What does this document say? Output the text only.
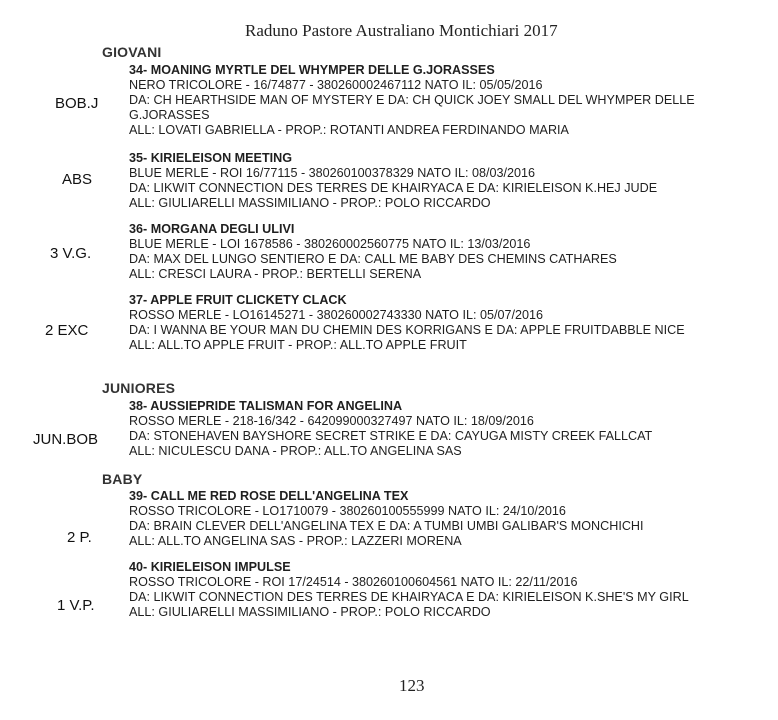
Raduno Pastore Australiano Montichiari 2017
GIOVANI
BOB.J
34- MOANING MYRTLE DEL WHYMPER DELLE G.JORASSES
NERO TRICOLORE - 16/74877 - 380260002467112 NATO IL: 05/05/2016
DA: CH HEARTHSIDE MAN OF MYSTERY E DA: CH QUICK JOEY SMALL DEL WHYMPER DELLE G.JORASSES
ALL: LOVATI GABRIELLA - PROP.: ROTANTI ANDREA FERDINANDO MARIA
ABS
35- KIRIELEISON MEETING
BLUE MERLE - ROI 16/77115 - 380260100378329 NATO IL: 08/03/2016
DA: LIKWIT CONNECTION DES TERRES DE KHAIRYACA E DA: KIRIELEISON K.HEJ JUDE
ALL: GIULIARELLI MASSIMILIANO - PROP.: POLO RICCARDO
3 V.G.
36- MORGANA DEGLI ULIVI
BLUE MERLE - LOI 1678586 - 380260002560775 NATO IL: 13/03/2016
DA: MAX DEL LUNGO SENTIERO E DA: CALL ME BABY DES CHEMINS CATHARES
ALL: CRESCI LAURA - PROP.: BERTELLI SERENA
2 EXC
37- APPLE FRUIT CLICKETY CLACK
ROSSO MERLE - LO16145271 - 380260002743330 NATO IL: 05/07/2016
DA: I WANNA BE YOUR MAN DU CHEMIN DES KORRIGANS E DA: APPLE FRUITDABBLE NICE
ALL: ALL.TO APPLE FRUIT - PROP.: ALL.TO APPLE FRUIT
JUNIORES
JUN.BOB
38- AUSSIEPRIDE TALISMAN FOR ANGELINA
ROSSO MERLE - 218-16/342 - 642099000327497 NATO IL: 18/09/2016
DA: STONEHAVEN BAYSHORE SECRET STRIKE E DA: CAYUGA MISTY CREEK FALLCAT
ALL: NICULESCU DANA - PROP.: ALL.TO ANGELINA SAS
BABY
2 P.
39- CALL ME RED ROSE DELL'ANGELINA TEX
ROSSO TRICOLORE - LO1710079 - 380260100555999 NATO IL: 24/10/2016
DA: BRAIN CLEVER DELL'ANGELINA TEX E DA: A TUMBI UMBI GALIBAR'S MONCHICHI
ALL: ALL.TO ANGELINA SAS - PROP.: LAZZERI MORENA
1 V.P.
40- KIRIELEISON IMPULSE
ROSSO TRICOLORE - ROI 17/24514 - 380260100604561 NATO IL: 22/11/2016
DA: LIKWIT CONNECTION DES TERRES DE KHAIRYACA E DA: KIRIELEISON K.SHE'S MY GIRL
ALL: GIULIARELLI MASSIMILIANO - PROP.: POLO RICCARDO
123
